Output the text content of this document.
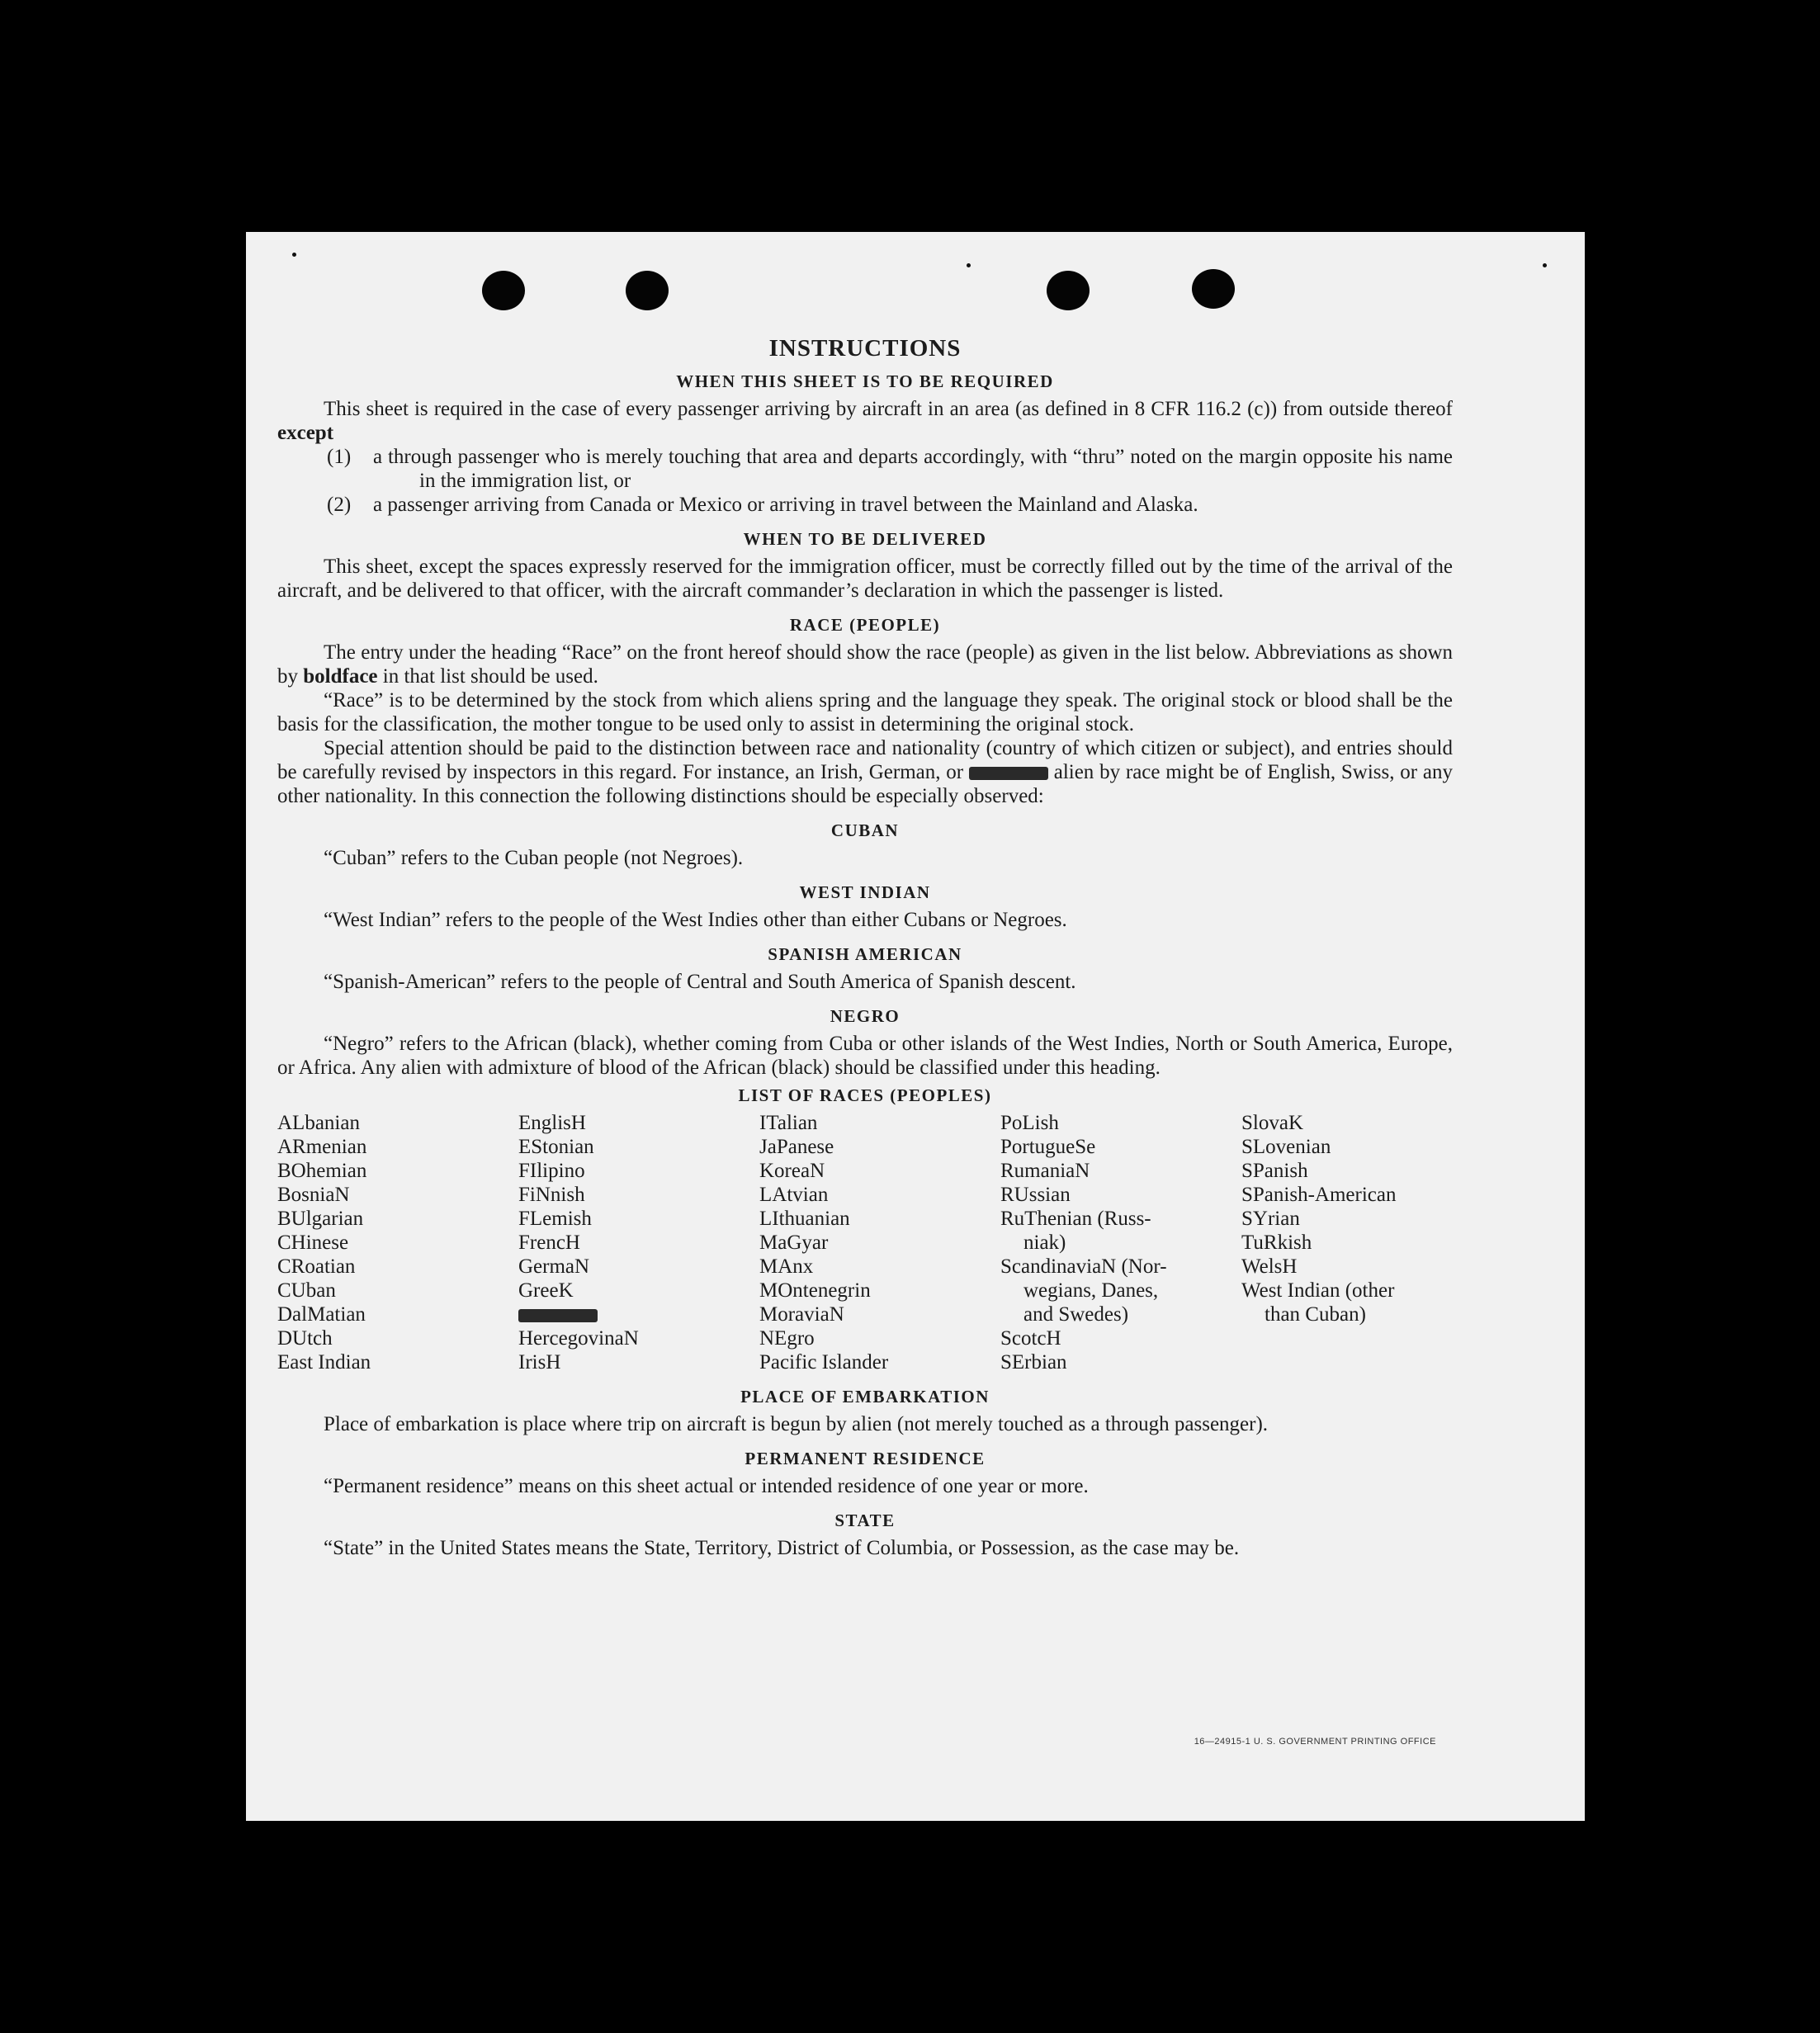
INSTRUCTIONS
WHEN THIS SHEET IS TO BE REQUIRED

This sheet is required in the case of every passenger arriving by aircraft in an area (as defined in 8 CFR 116.2 (c)) from outside thereof except

(1) a through passenger who is merely touching that area and departs accordingly, with “thru” noted on the margin opposite his name in the immigration list, or
(2) a passenger arriving from Canada or Mexico or arriving in travel between the Mainland and Alaska.
WHEN TO BE DELIVERED

This sheet, except the spaces expressly reserved for the immigration officer, must be correctly filled out by the time of the arrival of the aircraft, and be delivered to that officer, with the aircraft commander’s declaration in which the passenger is listed.

RACE (PEOPLE)

The entry under the heading “Race” on the front hereof should show the race (people) as given in the list below. Abbreviations as shown by boldface in that list should be used.

“Race” is to be determined by the stock from which aliens spring and the language they speak. The original stock or blood shall be the basis for the classification, the mother tongue to be used only to assist in determining the original stock.

Special attention should be paid to the distinction between race and nationality (country of which citizen or subject), and entries should be carefully revised by inspectors in this regard. For instance, an Irish, German, or	alien by race might be of English, Swiss, or any other nationality. In this connection the following distinctions should be especially observed:

CUBAN

“Cuban” refers to the Cuban people (not Negroes).

WEST INDIAN

“West Indian” refers to the people of the West Indies other than either Cubans or Negroes.

SPANISH AMERICAN

“Spanish-American” refers to the people of Central and South America of Spanish descent.

NEGRO

“Negro” refers to the African (black), whether coming from Cuba or other islands of the West Indies, North or South America, Europe, or Africa. Any alien with admixture of blood of the African (black) should be classified under this heading.

LIST OF RACES (PEOPLES)
ALbanian
ARmenian
BOhemian
BosniaN
BUlgarian
CHinese
CRoatian
CUban
DalMatian
DUtch
East Indian
EnglisH
EStonian
FIlipino
FiNnish
FLemish
FrencH
GermaN
GreeK
HercegovinaN
IrisH
ITalian
JaPanese
KoreaN
LAtvian
LIthuanian
MaGyar
MAnx
MOntenegrin
MoraviaN
NEgro
Pacific Islander
PoLish
PortugueSe
RumaniaN
RUssian
RuThenian (Russ-
niak)
ScandinaviaN (Nor-
wegians, Danes,
and Swedes)
ScotcH
SErbian
SlovaK
SLovenian
SPanish
SPanish-American
SYrian
TuRkish
WelsH
West Indian (other
than Cuban)
PLACE OF EMBARKATION

Place of embarkation is place where trip on aircraft is begun by alien (not merely touched as a through passenger).

PERMANENT RESIDENCE

“Permanent residence” means on this sheet actual or intended residence of one year or more.

STATE

“State” in the United States means the State, Territory, District of Columbia, or Possession, as the case may be.

16—24915-1 U. S. GOVERNMENT PRINTING OFFICE
